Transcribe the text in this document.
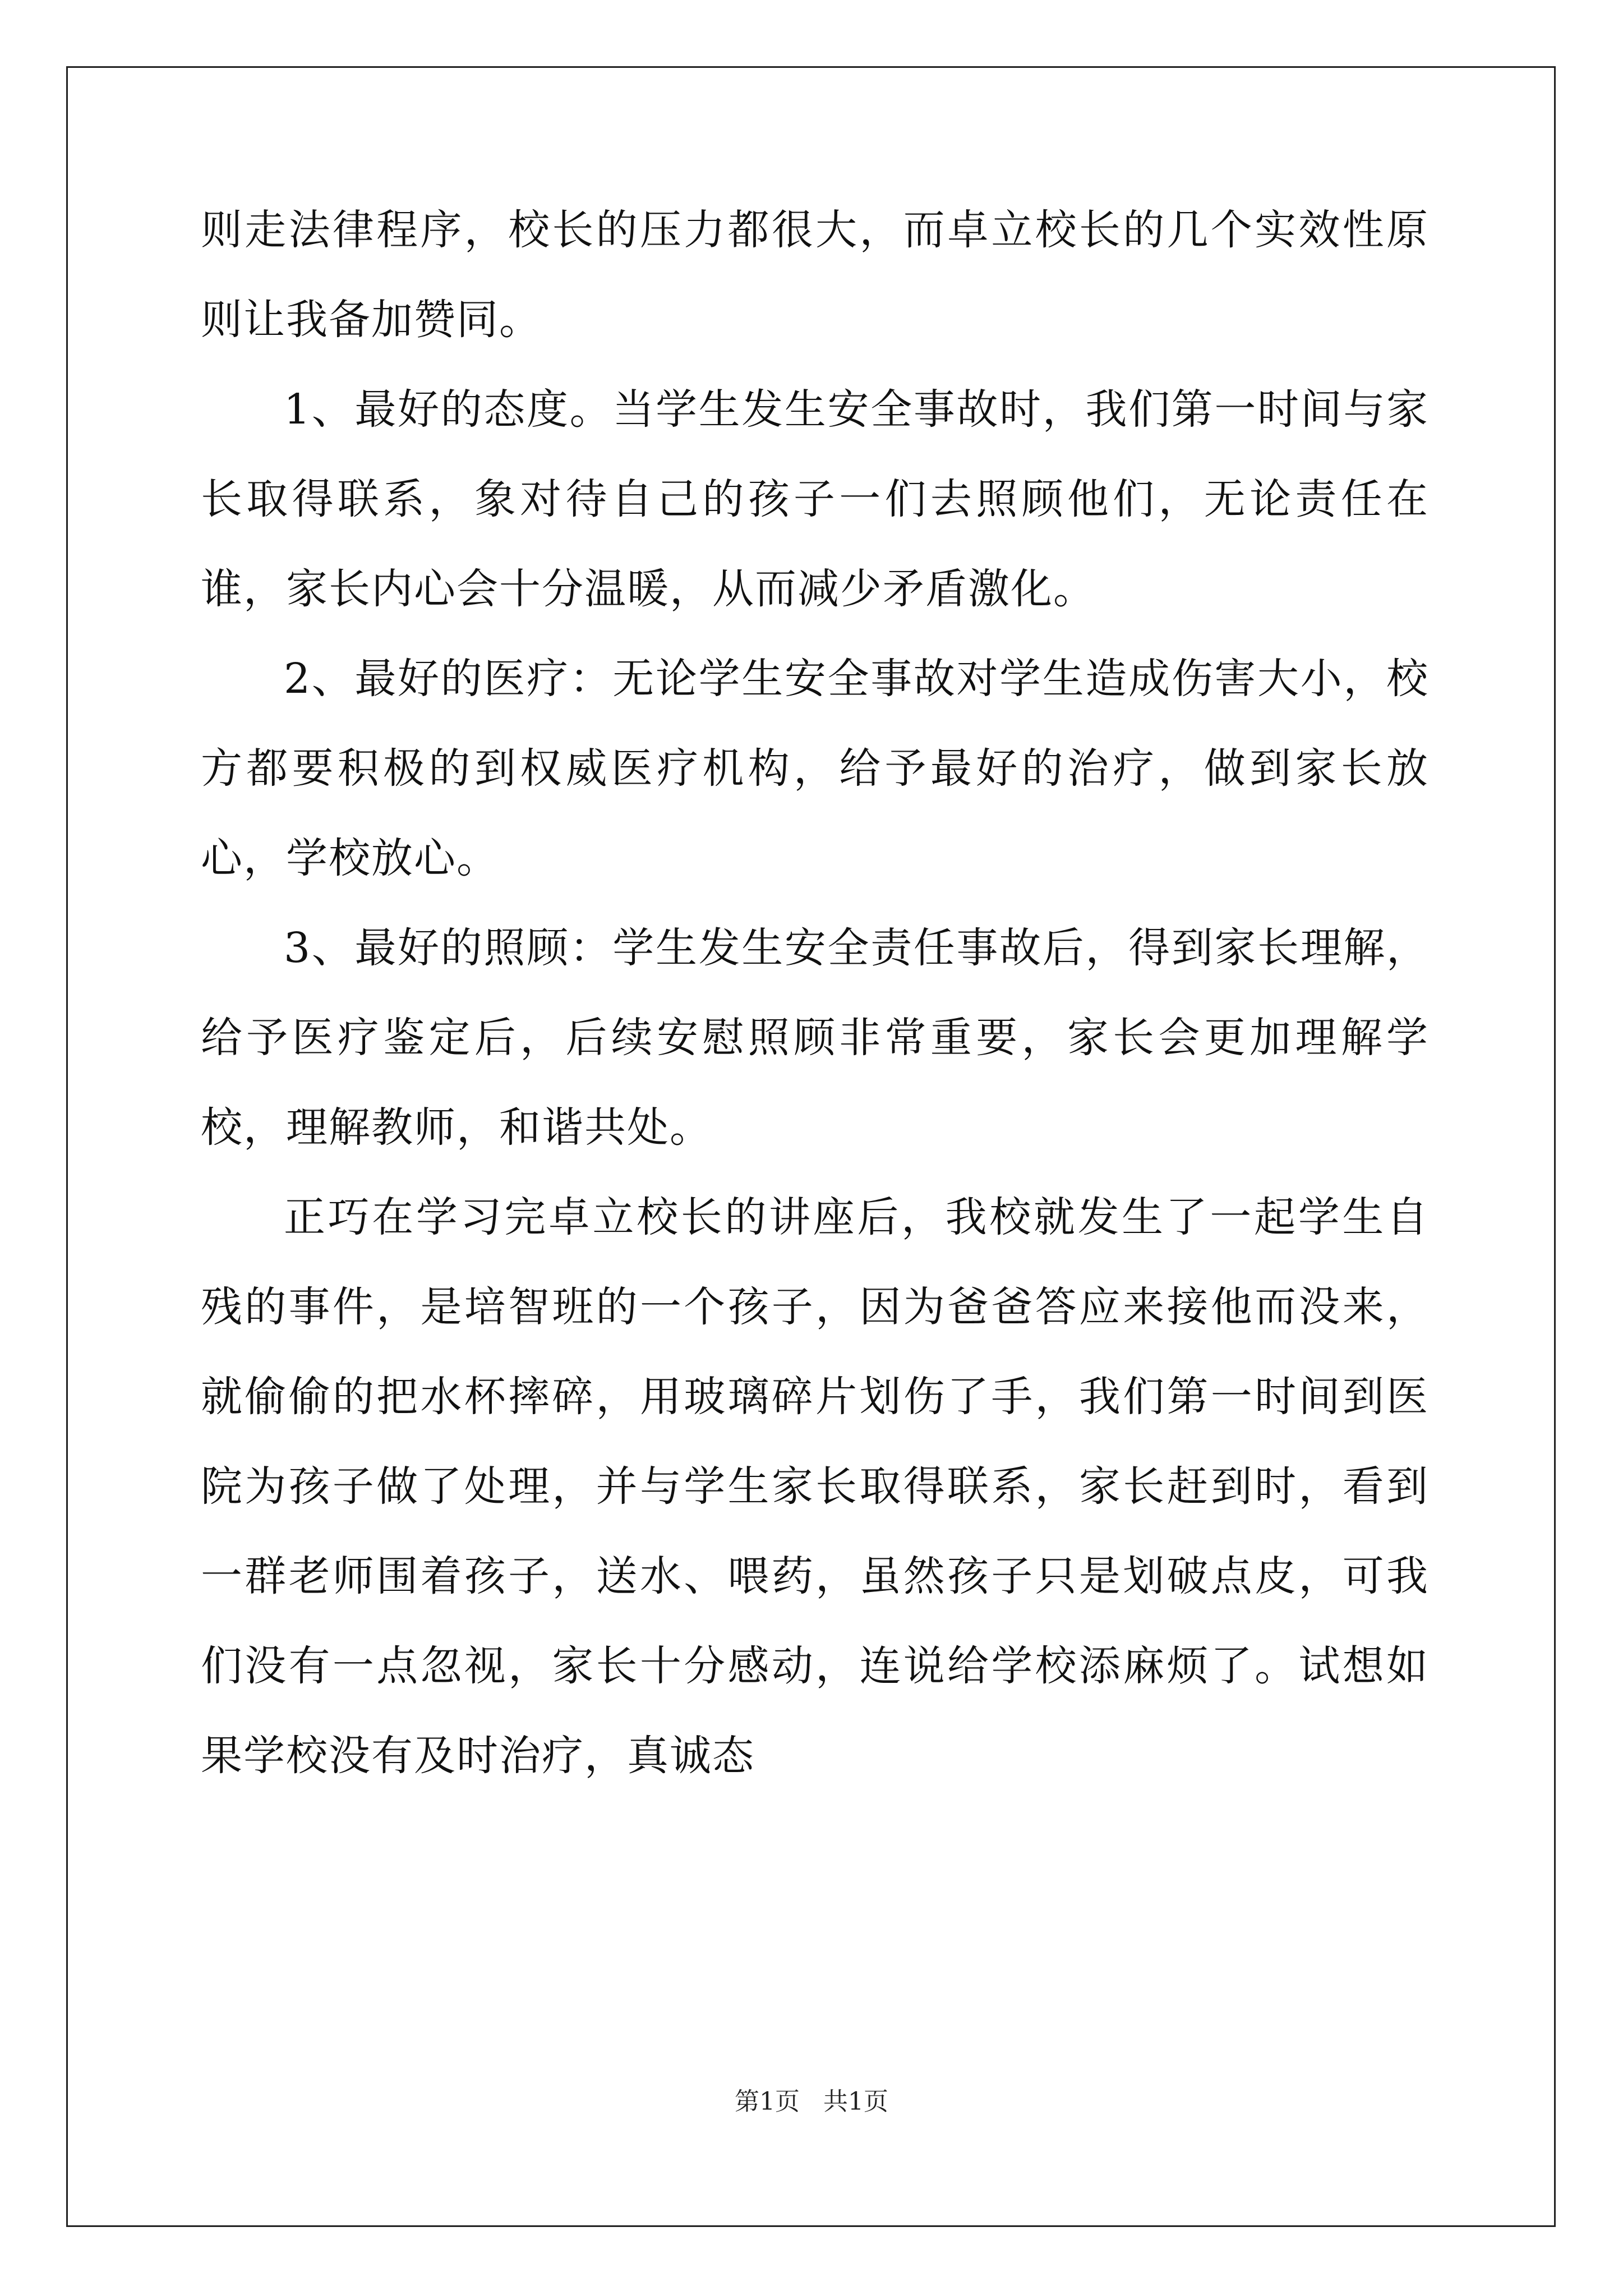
则走法律程序，校长的压力都很大，而卓立校长的几个实效性原则让我备加赞同。

1、最好的态度。当学生发生安全事故时，我们第一时间与家长取得联系，象对待自己的孩子一们去照顾他们，无论责任在谁，家长内心会十分温暖，从而减少矛盾激化。

2、最好的医疗：无论学生安全事故对学生造成伤害大小，校方都要积极的到权威医疗机构，给予最好的治疗，做到家长放心，学校放心。

3、最好的照顾：学生发生安全责任事故后，得到家长理解，给予医疗鉴定后，后续安慰照顾非常重要，家长会更加理解学校，理解教师，和谐共处。

正巧在学习完卓立校长的讲座后，我校就发生了一起学生自残的事件，是培智班的一个孩子，因为爸爸答应来接他而没来，就偷偷的把水杯摔碎，用玻璃碎片划伤了手，我们第一时间到医院为孩子做了处理，并与学生家长取得联系，家长赶到时，看到一群老师围着孩子，送水、喂药，虽然孩子只是划破点皮，可我们没有一点忽视，家长十分感动，连说给学校添麻烦了。试想如果学校没有及时治疗，真诚态

第1页 共1页
